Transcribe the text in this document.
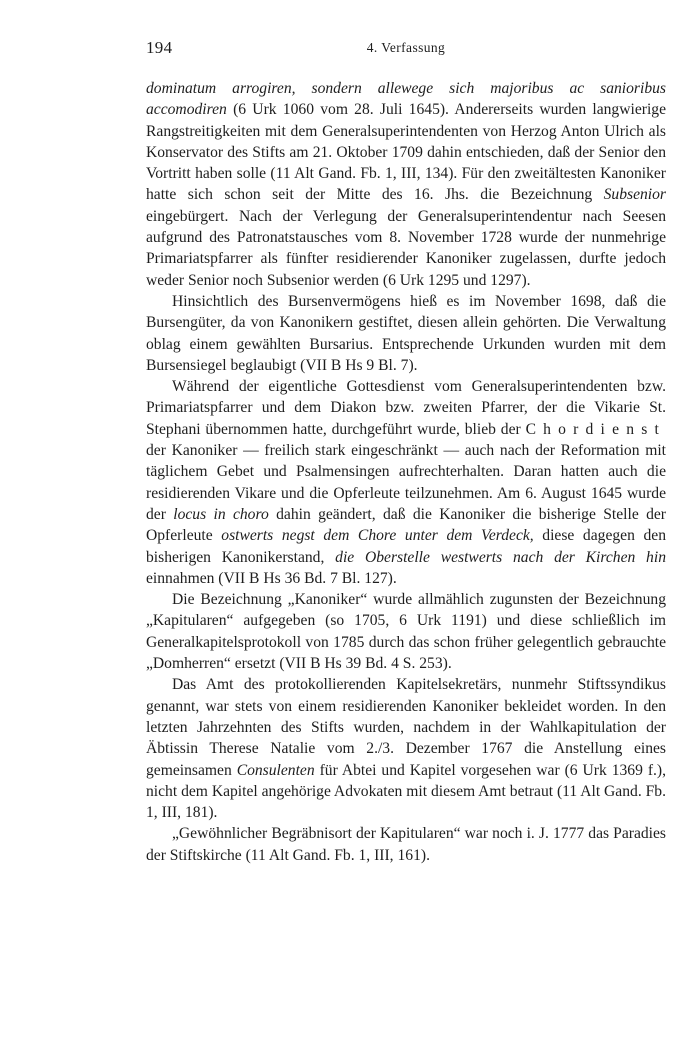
194	4. Verfassung

dominatum arrogiren, sondern allewege sich majoribus ac sanioribus accomodiren (6 Urk 1060 vom 28. Juli 1645). Andererseits wurden langwierige Rangstreitigkeiten mit dem Generalsuperintendenten von Herzog Anton Ulrich als Konservator des Stifts am 21. Oktober 1709 dahin entschieden, daß der Senior den Vortritt haben solle (11 Alt Gand. Fb. 1, III, 134). Für den zweitältesten Kanoniker hatte sich schon seit der Mitte des 16. Jhs. die Bezeichnung Subsenior eingebürgert. Nach der Verlegung der Generalsuperintendentur nach Seesen aufgrund des Patronatstausches vom 8. November 1728 wurde der nunmehrige Primariatspfarrer als fünfter residierender Kanoniker zugelassen, durfte jedoch weder Senior noch Subsenior werden (6 Urk 1295 und 1297).

Hinsichtlich des Bursenvermögens hieß es im November 1698, daß die Bursengüter, da von Kanonikern gestiftet, diesen allein gehörten. Die Verwaltung oblag einem gewählten Bursarius. Entsprechende Urkunden wurden mit dem Bursensiegel beglaubigt (VII B Hs 9 Bl. 7).

Während der eigentliche Gottesdienst vom Generalsuperintendenten bzw. Primariatspfarrer und dem Diakon bzw. zweiten Pfarrer, der die Vikarie St. Stephani übernommen hatte, durchgeführt wurde, blieb der Chordienst der Kanoniker — freilich stark eingeschränkt — auch nach der Reformation mit täglichem Gebet und Psalmensingen aufrechterhalten. Daran hatten auch die residierenden Vikare und die Opferleute teilzunehmen. Am 6. August 1645 wurde der locus in choro dahin geändert, daß die Kanoniker die bisherige Stelle der Opferleute ostwerts negst dem Chore unter dem Verdeck, diese dagegen den bisherigen Kanonikerstand, die Oberstelle westwerts nach der Kirchen hin einnahmen (VII B Hs 36 Bd. 7 Bl. 127).

Die Bezeichnung „Kanoniker“ wurde allmählich zugunsten der Bezeichnung „Kapitularen“ aufgegeben (so 1705, 6 Urk 1191) und diese schließlich im Generalkapitelsprotokoll von 1785 durch das schon früher gelegentlich gebrauchte „Domherren“ ersetzt (VII B Hs 39 Bd. 4 S. 253).

Das Amt des protokollierenden Kapitelsekretärs, nunmehr Stiftssyndikus genannt, war stets von einem residierenden Kanoniker bekleidet worden. In den letzten Jahrzehnten des Stifts wurden, nachdem in der Wahlkapitulation der Äbtissin Therese Natalie vom 2./3. Dezember 1767 die Anstellung eines gemeinsamen Consulenten für Abtei und Kapitel vorgesehen war (6 Urk 1369 f.), nicht dem Kapitel angehörige Advokaten mit diesem Amt betraut (11 Alt Gand. Fb. 1, III, 181).

„Gewöhnlicher Begräbnisort der Kapitularen“ war noch i. J. 1777 das Paradies der Stiftskirche (11 Alt Gand. Fb. 1, III, 161).
